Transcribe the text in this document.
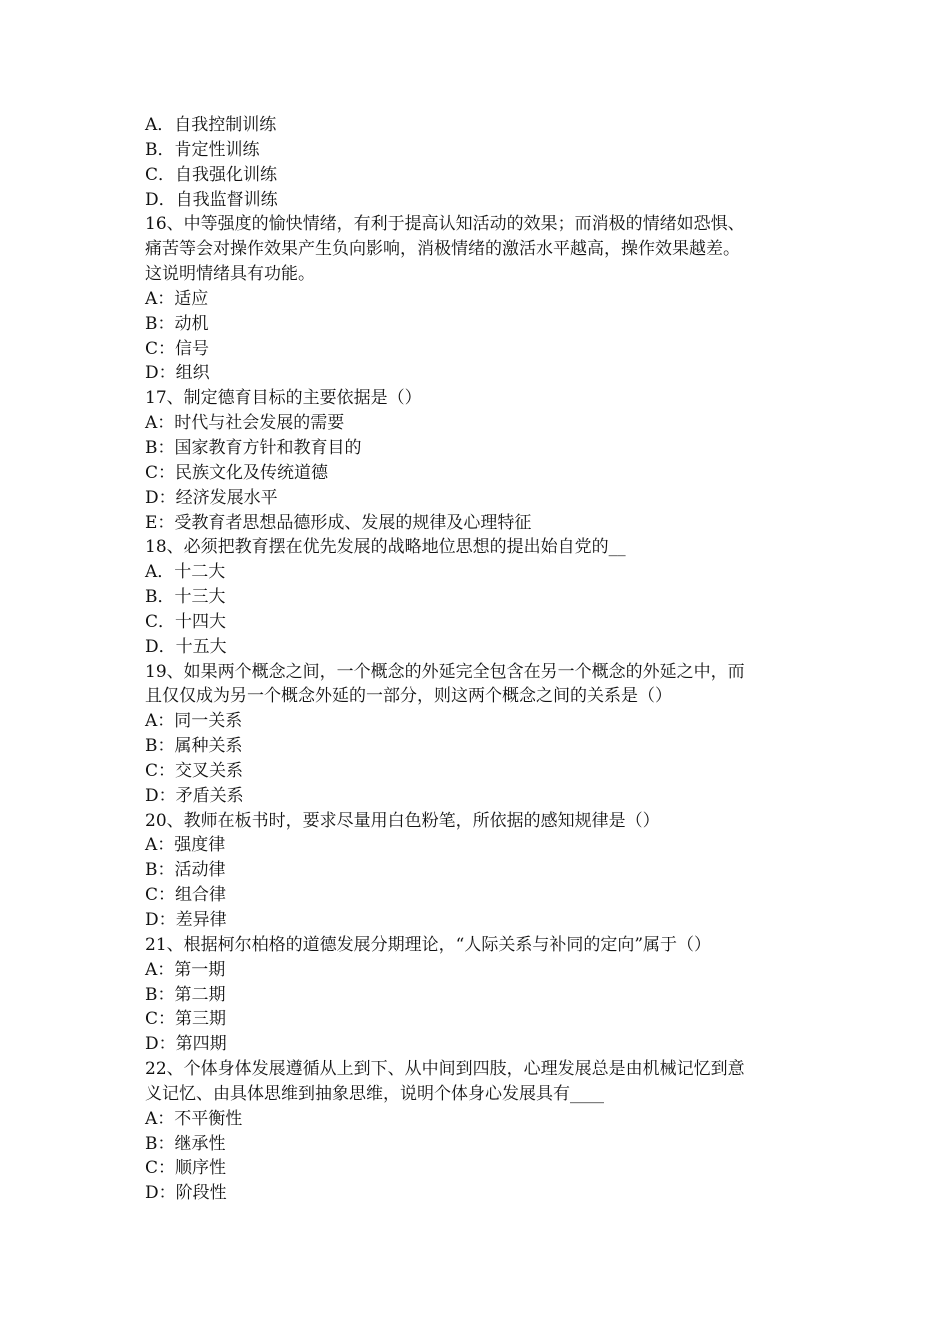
A．自我控制训练
B．肯定性训练
C．自我强化训练
D．自我监督训练
16、中等强度的愉快情绪，有利于提高认知活动的效果；而消极的情绪如恐惧、
痛苦等会对操作效果产生负向影响，消极情绪的激活水平越高，操作效果越差。
这说明情绪具有功能。
A：适应
B：动机
C：信号
D：组织
17、制定德育目标的主要依据是（）
A：时代与社会发展的需要
B：国家教育方针和教育目的
C：民族文化及传统道德
D：经济发展水平
E：受教育者思想品德形成、发展的规律及心理特征
18、必须把教育摆在优先发展的战略地位思想的提出始自党的__
A．十二大
B．十三大
C．十四大
D．十五大
19、如果两个概念之间，一个概念的外延完全包含在另一个概念的外延之中，而
且仅仅成为另一个概念外延的一部分，则这两个概念之间的关系是（）
A：同一关系
B：属种关系
C：交叉关系
D：矛盾关系
20、教师在板书时，要求尽量用白色粉笔，所依据的感知规律是（）
A：强度律
B：活动律
C：组合律
D：差异律
21、根据柯尔柏格的道德发展分期理论，“人际关系与补同的定向”属于（）
A：第一期
B：第二期
C：第三期
D：第四期
22、个体身体发展遵循从上到下、从中间到四肢，心理发展总是由机械记忆到意
义记忆、由具体思维到抽象思维，说明个体身心发展具有____
A：不平衡性
B：继承性
C：顺序性
D：阶段性
